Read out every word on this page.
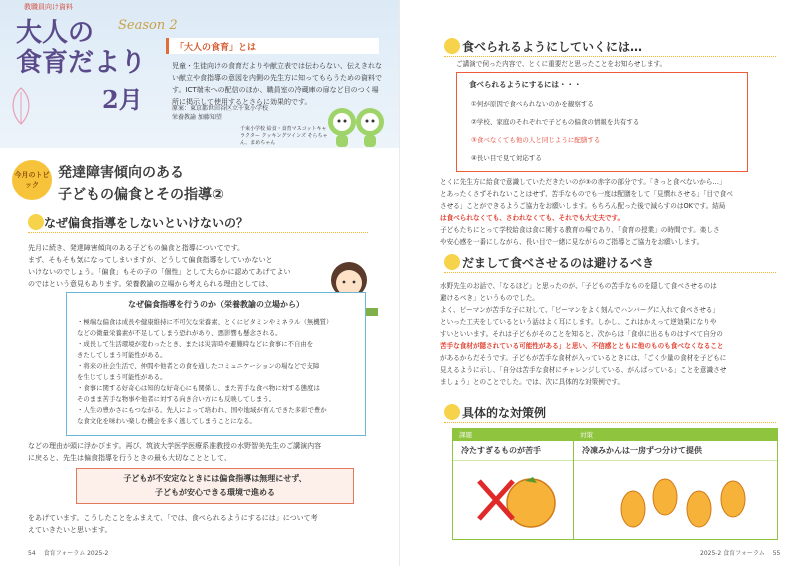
教職員向け資料
大人の
食育だより
2月
Season 2
「大人の食育」とは
児童・生徒向けの食育だよりや献立表では伝わらない、伝えきれない献立や食指導の意図を内側の先生方に知ってもらうための資料です。ICT端末への配信のほか、職員室の冷蔵庫の扉など目のつく場所に掲示して使用するとさらに効果的です。
原案：東京都世田谷区立千束小学校
栄養教諭 加藤知望
千束小学校 給食・食育マスコットキャラクター クッキングツインズ そらちゃん、まめちゃん
今月のトピック
発達障害傾向のある
子どもの偏食とその指導②
なぜ偏食指導をしないといけないの？
先月に続き、発達障害傾向のある子どもの偏食と指導についてです。
まず、そもそも気になってしまいますが、どうして偏食指導をしていかないと
いけないのでしょう。「偏食」もその子の「個性」として大らかに認めてあげてよい
のではという意見もあります。栄養教諭の立場から考えられる理由としては、
なぜ偏食指導を行うのか（栄養教諭の立場から）
・極端な偏食は成長や健康維持に不可欠な栄養素、とくにビタミンやミネラル（無機質）
などの微量栄養素が不足してしまう恐れがあり、悪影響も懸念される。
・成長して生活環境が変わったとき、または災害時や避難時などに食事に不自由を
きたしてしまう可能性がある。
・将来の社会生活で、仲間や他者との食を通したコミュニケーションの場などで支障
を生じてしまう可能性がある。
・食事に関する好奇心は知的な好奇心にも関係し、また苦手な食べ物に対する態度は
そのまま苦手な物事や他者に対する向き合い方にも反映してしまう。
・人生の豊かさにもつながる。先人によって培われ、国や地域が育んできた多彩で豊か
な食文化を味わい楽しむ機会を多く逃してしまうことになる。
などの理由が頭に浮かびます。再び、筑波大学医学医療系准教授の水野智美先生のご講演内容
に戻ると、先生は偏食指導を行うときの最も大切なこととして、
子どもが不安定なときには偏食指導は無理にせず、
子どもが安心できる環境で進める
をあげています。こうしたことをふまえて、「では、食べられるようにするには」について考
えていきたいと思います。
54 食育フォーラム 2025-2
食べられるようにしていくには…
ご講演で伺った内容で、とくに重要だと思ったことをお知らせします。
食べられるようにするには・・・
①何が原因で食べられないのかを観察する
②学校、家庭のそれぞれで子どもの偏食の情報を共有する
③食べなくても他の人と同じように配膳する
④長い目で見て対応する
とくに先生方に給食で意識していただきたいのが③の赤字の部分です。「きっと食べないから…」
とあったくさずそれないことはせず、苦手なものでも一度は配膳をして「見慣れさせる」「目で食べ
させる」ことができるようご協力をお願いします。もちろん配った後で減らすのはOKです。結局
は食べられなくても、さわれなくても、それでも大丈夫です。
子どもたちにとって学校給食は食に関する教育の場であり、「食育の授業」の時間です。楽しさ
や安心感を一番にしながら、長い目で一緒に見ながらのご指導とご協力をお願いします。
だまして食べさせるのは避けるべき
水野先生のお話で、「なるほど」と思ったのが、「子どもの苦手なものを隠して食べさせるのは
避けるべき」というものでした。
よく、ピーマンが苦手な子に対して、「ピーマンをよく刻んでハンバーグに入れて食べさせる」
といった工夫をしているという話はよく耳にします。しかし、これはかえって逆効果になりや
すいといいます。それは子どもがそのことを知ると、次からは「食卓に出るものはすべて自分の
苦手な食材が隠されている可能性がある」と思い、不信感とともに他のものも食べなくなること
があるからだそうです。子どもが苦手な食材が入っているときには、「ごく少量の食材を子どもに
見えるように示し、「自分は苦手な食材にチャレンジしている、がんばっている」ことを意識させ
ましょう」とのことでした。では、次に具体的な対策例です。
具体的な対策例
課題	対策
冷たすぎるものが苦手	冷凍みかんは一房ずつ分けて提供
2025-2 食育フォーラム 55
